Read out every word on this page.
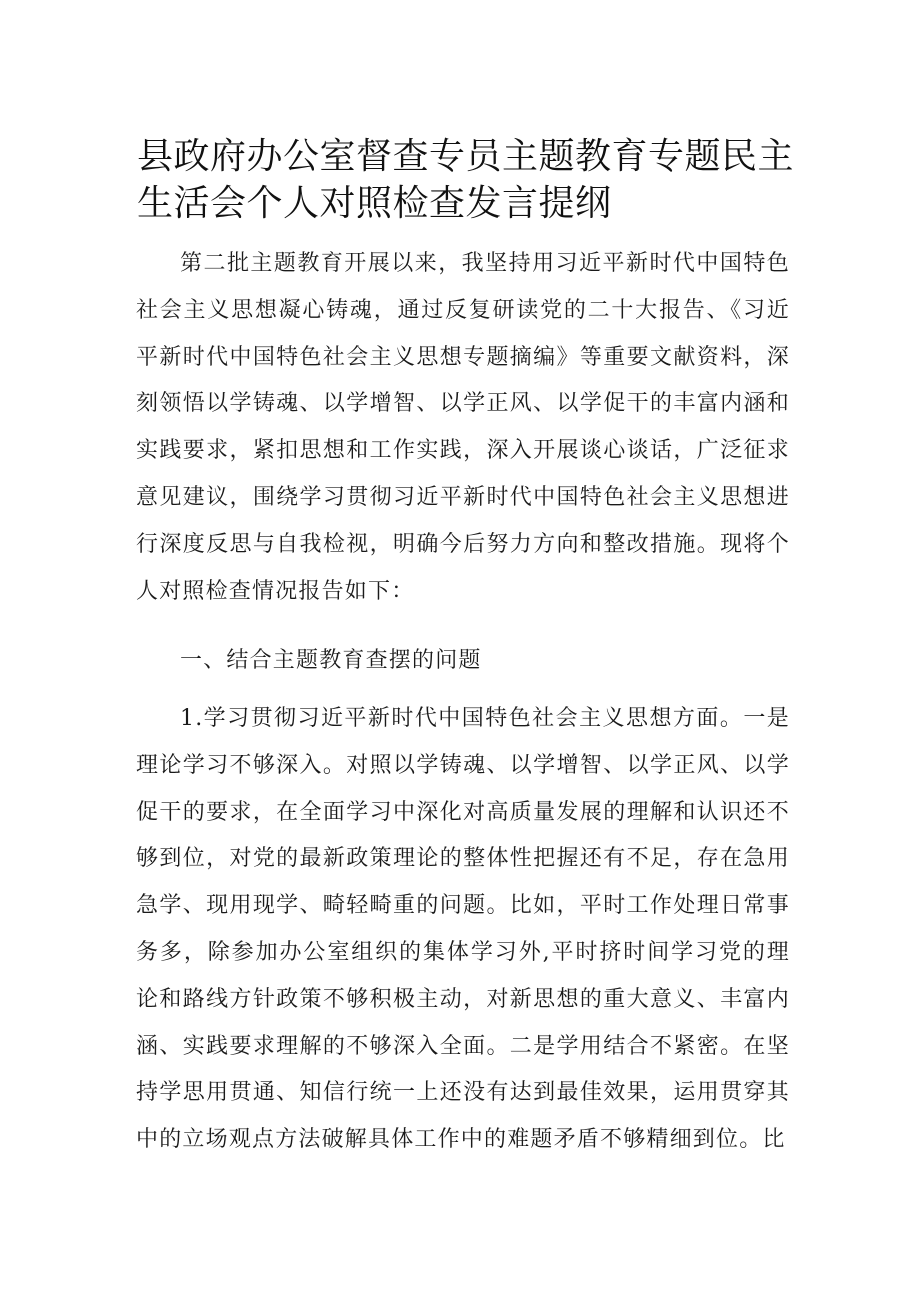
县政府办公室督查专员主题教育专题民主生活会个人对照检查发言提纲

第二批主题教育开展以来，我坚持用习近平新时代中国特色社会主义思想凝心铸魂，通过反复研读党的二十大报告、《习近平新时代中国特色社会主义思想专题摘编》等重要文献资料，深刻领悟以学铸魂、以学增智、以学正风、以学促干的丰富内涵和实践要求，紧扣思想和工作实践，深入开展谈心谈话，广泛征求意见建议，围绕学习贯彻习近平新时代中国特色社会主义思想进行深度反思与自我检视，明确今后努力方向和整改措施。现将个人对照检查情况报告如下：

一、结合主题教育查摆的问题

1.学习贯彻习近平新时代中国特色社会主义思想方面。一是理论学习不够深入。对照以学铸魂、以学增智、以学正风、以学促干的要求，在全面学习中深化对高质量发展的理解和认识还不够到位，对党的最新政策理论的整体性把握还有不足，存在急用急学、现用现学、畸轻畸重的问题。比如，平时工作处理日常事务多，除参加办公室组织的集体学习外,平时挤时间学习党的理论和路线方针政策不够积极主动，对新思想的重大意义、丰富内涵、实践要求理解的不够深入全面。二是学用结合不紧密。在坚持学思用贯通、知信行统一上还没有达到最佳效果，运用贯穿其中的立场观点方法破解具体工作中的难题矛盾不够精细到位。比
